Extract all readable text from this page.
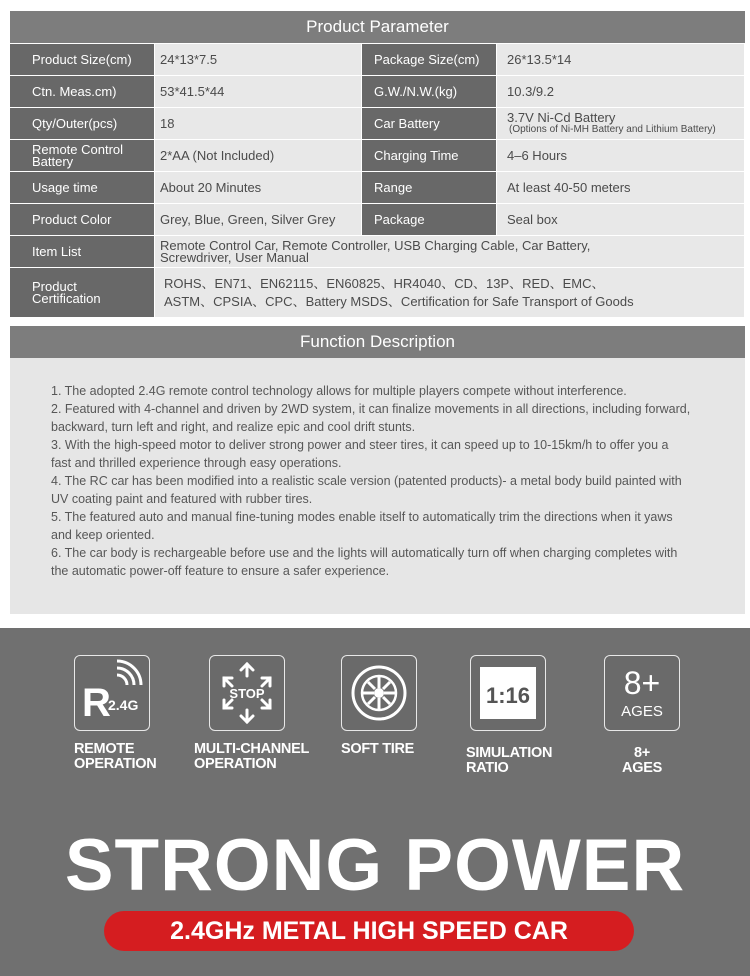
Product Parameter
Product Size(cm)	24*13*7.5	Package Size(cm)	26*13.5*14
Ctn. Meas.cm)	53*41.5*44	G.W./N.W.(kg)	10.3/9.2
Qty/Outer(pcs)	18	Car Battery	3.7V Ni-Cd Battery
(Options of Ni-MH Battery and Lithium Battery)
Remote Control
Battery	2*AA (Not Included)	Charging Time	4–6 Hours
Usage time	About 20 Minutes	Range	At least 40-50 meters
Product Color	Grey, Blue, Green, Silver Grey	Package	Seal box
Item List	Remote Control Car, Remote Controller, USB Charging Cable, Car Battery,
Screwdriver, User Manual
Product
Certification
ROHS、EN71、EN62115、EN60825、HR4040、CD、13P、RED、EMC、
ASTM、CPSIA、CPC、Battery MSDS、Certification for Safe Transport of Goods
Function Description

1. The adopted 2.4G remote control technology allows for multiple players compete without interference.

2. Featured with 4-channel and driven by 2WD system, it can finalize movements in all directions, including forward,

backward, turn left and right, and realize epic and cool drift stunts.

3. With the high-speed motor to deliver strong power and steer tires, it can speed up to 10-15km/h to offer you a

fast and thrilled experience through easy operations.

4. The RC car has been modified into a realistic scale version (patented products)- a metal body build painted with

UV coating paint and featured with rubber tires.

5. The featured auto and manual fine-tuning modes enable itself to automatically trim the directions when it yaws

and keep oriented.

6. The car body is rechargeable before use and the lights will automatically turn off when charging completes with

the automatic power-off feature to ensure a safer experience.

R
2.4G
REMOTE
OPERATION
STOP
MULTI-CHANNEL
OPERATION
SOFT TIRE
1:16
SIMULATION
RATIO
8+
AGES
8+
AGES
STRONG POWER
2.4GHz METAL HIGH SPEED CAR
